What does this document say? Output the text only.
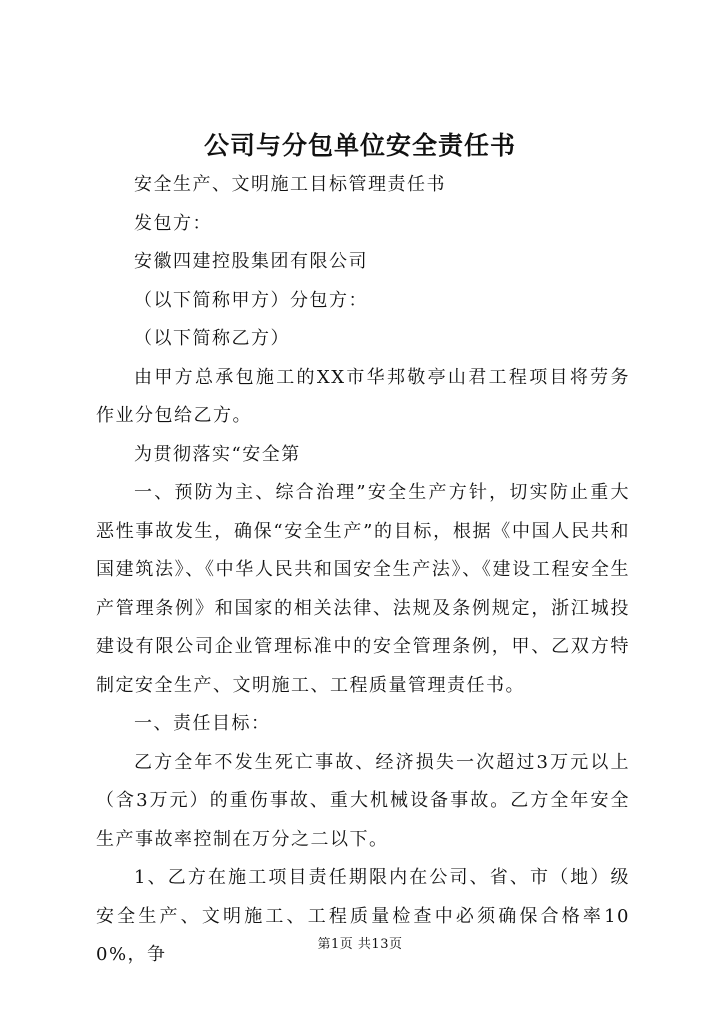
公司与分包单位安全责任书

安全生产、文明施工目标管理责任书

发包方：

安徽四建控股集团有限公司

（以下简称甲方）分包方：

（以下简称乙方）

由甲方总承包施工的XX市华邦敬亭山君工程项目将劳务作业分包给乙方。

为贯彻落实“安全第

一、预防为主、综合治理”安全生产方针，切实防止重大恶性事故发生，确保“安全生产”的目标，根据《中国人民共和国建筑法》、《中华人民共和国安全生产法》、《建设工程安全生产管理条例》和国家的相关法律、法规及条例规定，浙江城投建设有限公司企业管理标准中的安全管理条例，甲、乙双方特制定安全生产、文明施工、工程质量管理责任书。

一、责任目标：

乙方全年不发生死亡事故、经济损失一次超过3万元以上（含3万元）的重伤事故、重大机械设备事故。乙方全年安全生产事故率控制在万分之二以下。

1、乙方在施工项目责任期限内在公司、省、市（地）级安全生产、文明施工、工程质量检查中必须确保合格率100%，争	第1页 共13页
